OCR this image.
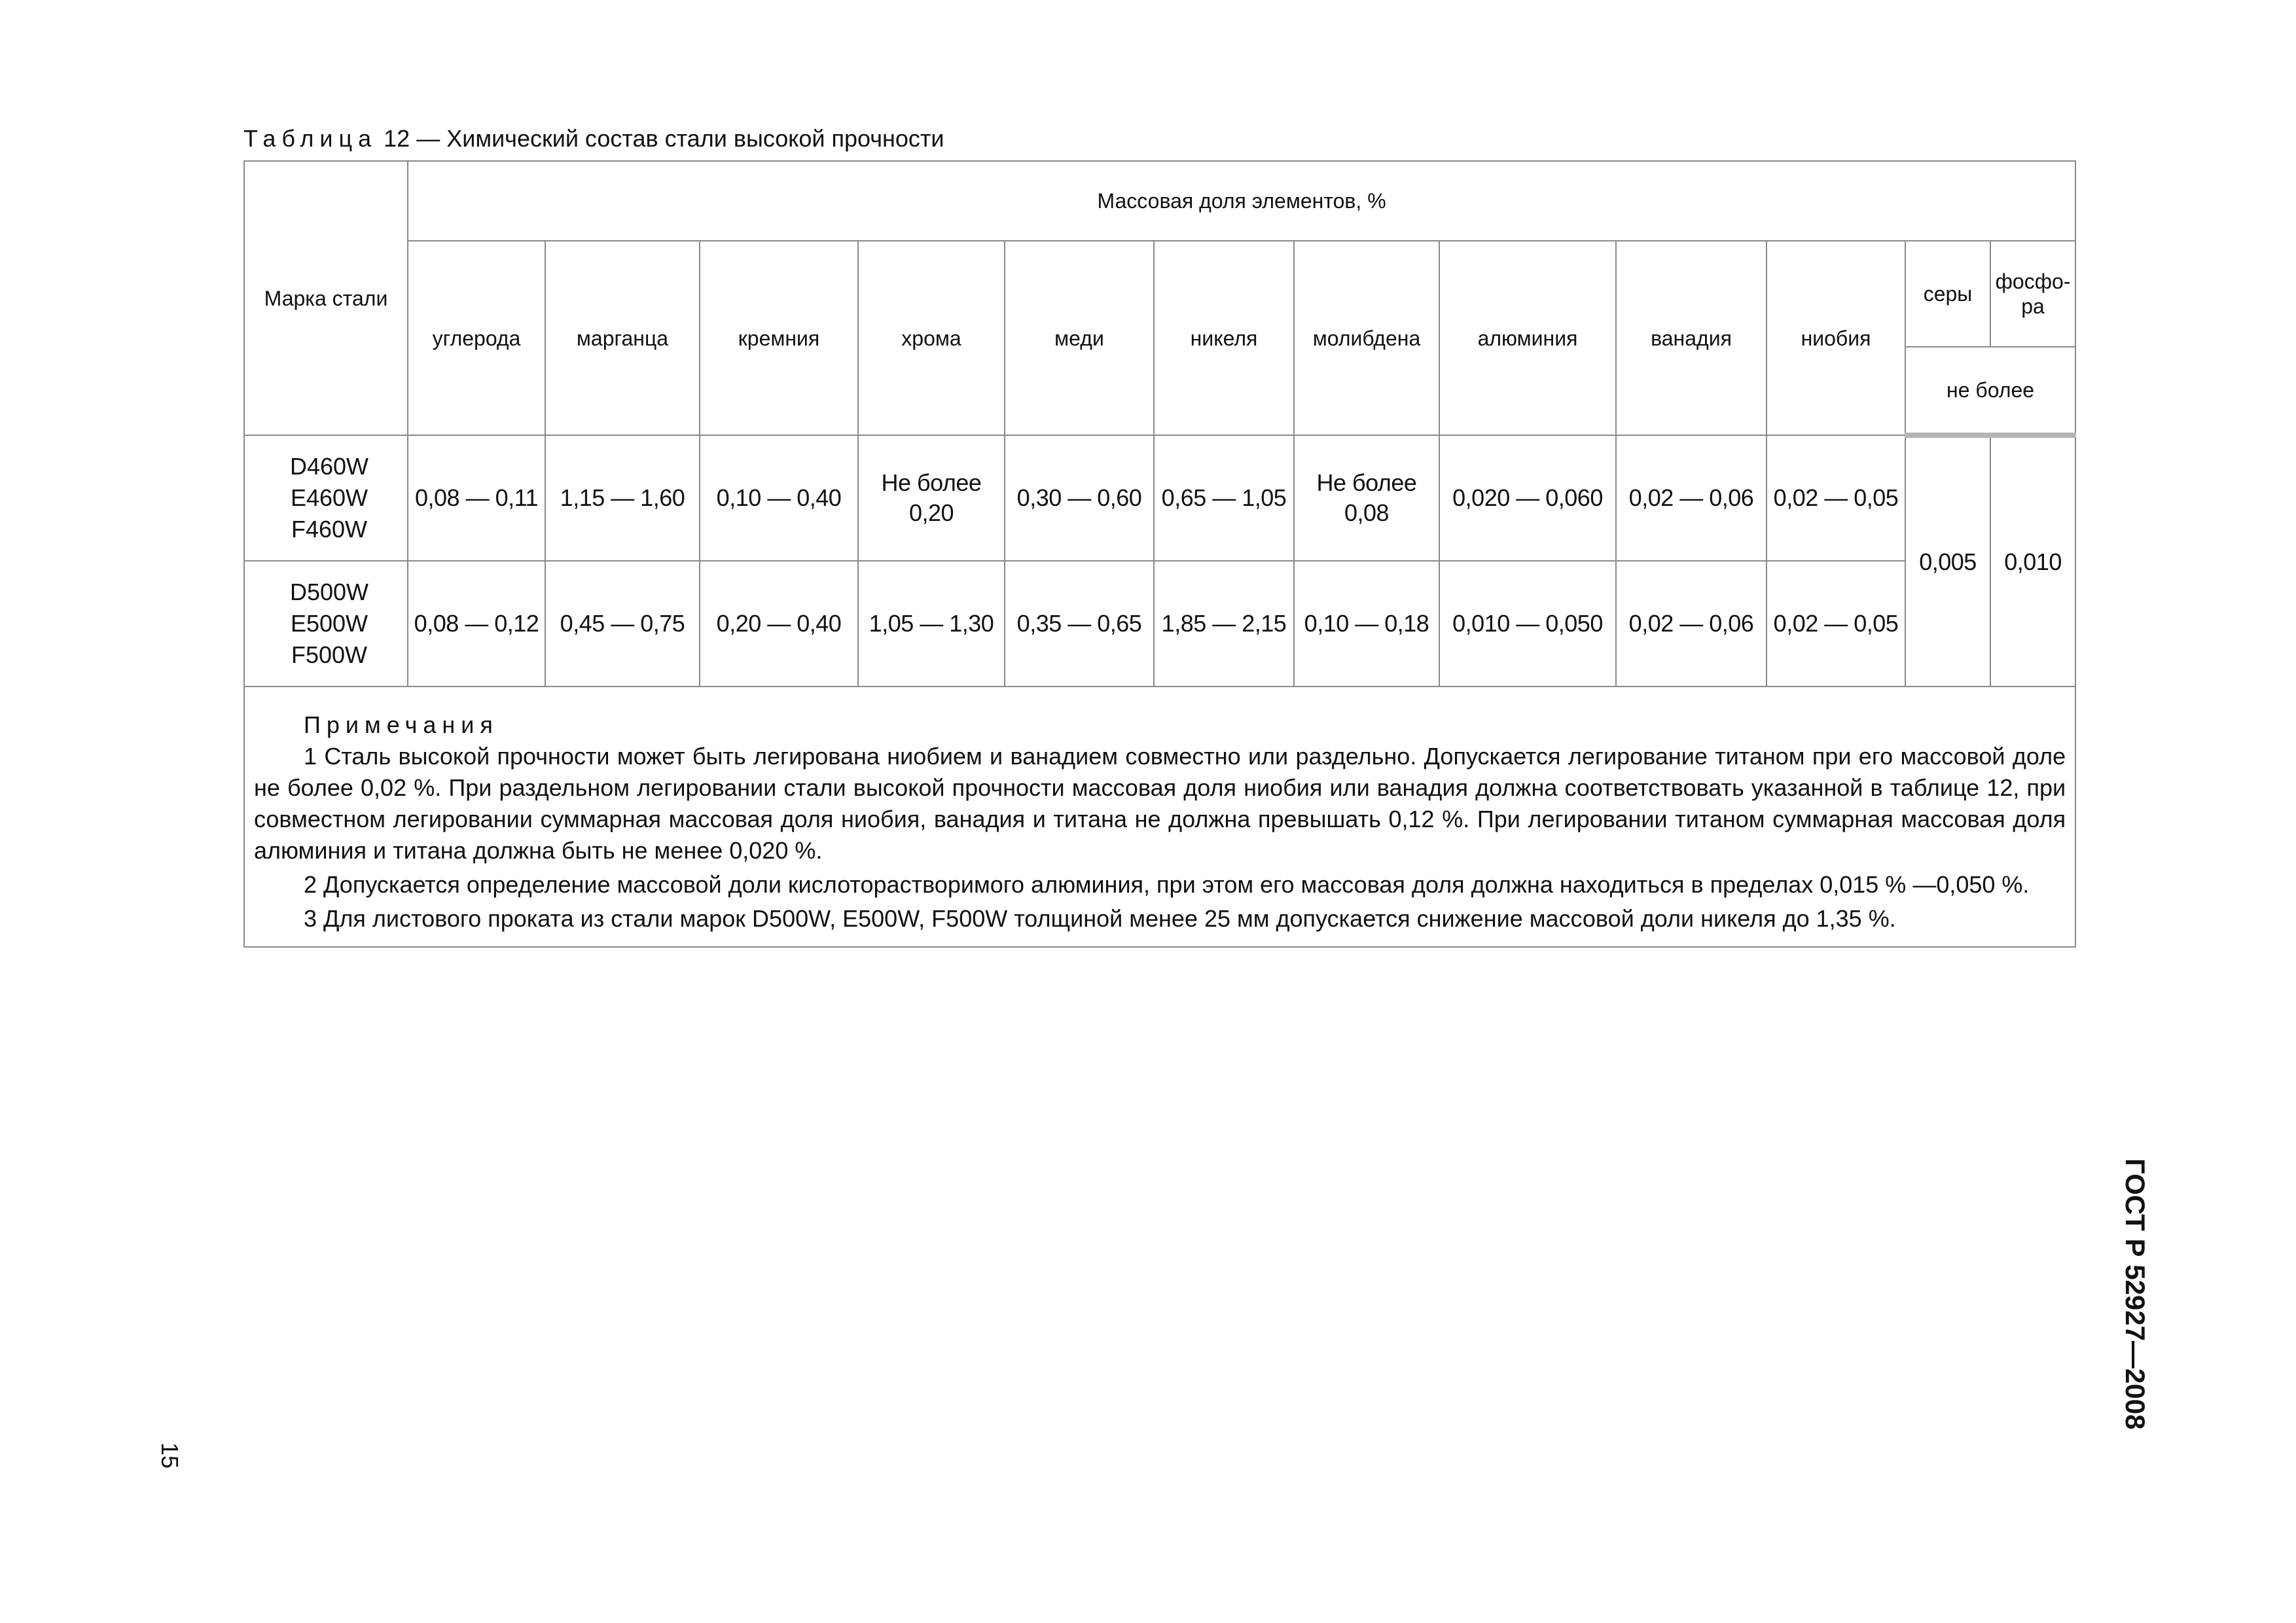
Таблица 12 — Химический состав стали высокой прочности
Марка стали	Массовая доля элементов, %											
	углерода	марганца	кремния	хрома	меди	никеля	молибдена	алюминия	ванадия	ниобия	серы	фосфо-
ра
											не более	

D460W
E460W
F460W	0,08 — 0,11	1,15 — 1,60	0,10 — 0,40	Не более
0,20	0,30 — 0,60	0,65 — 1,05	Не более
0,08	0,020 — 0,060	0,02 — 0,06	0,02 — 0,05	0,005	0,010

D500W
E500W
F500W	0,08 — 0,12	0,45 — 0,75	0,20 — 0,40	1,05 — 1,30	0,35 — 0,65	1,85 — 2,15	0,10 — 0,18	0,010 — 0,050	0,02 — 0,06	0,02 — 0,05		

Примечания

1 Сталь высокой прочности может быть легирована ниобием и ванадием совместно или раздельно. Допускается легирование титаном при его массовой доле не более 0,02 %. При раздельном легировании стали высокой прочности массовая доля ниобия или ванадия должна соответствовать указанной в таблице 12, при совместном легировании суммарная массовая доля ниобия, ванадия и титана не должна превышать 0,12 %. При легировании титаном суммарная массовая доля алюминия и титана должна быть не менее 0,020 %.

2 Допускается определение массовой доли кислоторастворимого алюминия, при этом его массовая доля должна находиться в пределах 0,015 % —0,050 %.

3 Для листового проката из стали марок D500W, E500W, F500W толщиной менее 25 мм допускается снижение массовой доли никеля до 1,35 %.												

ГОСТ Р 52927—2008
15
